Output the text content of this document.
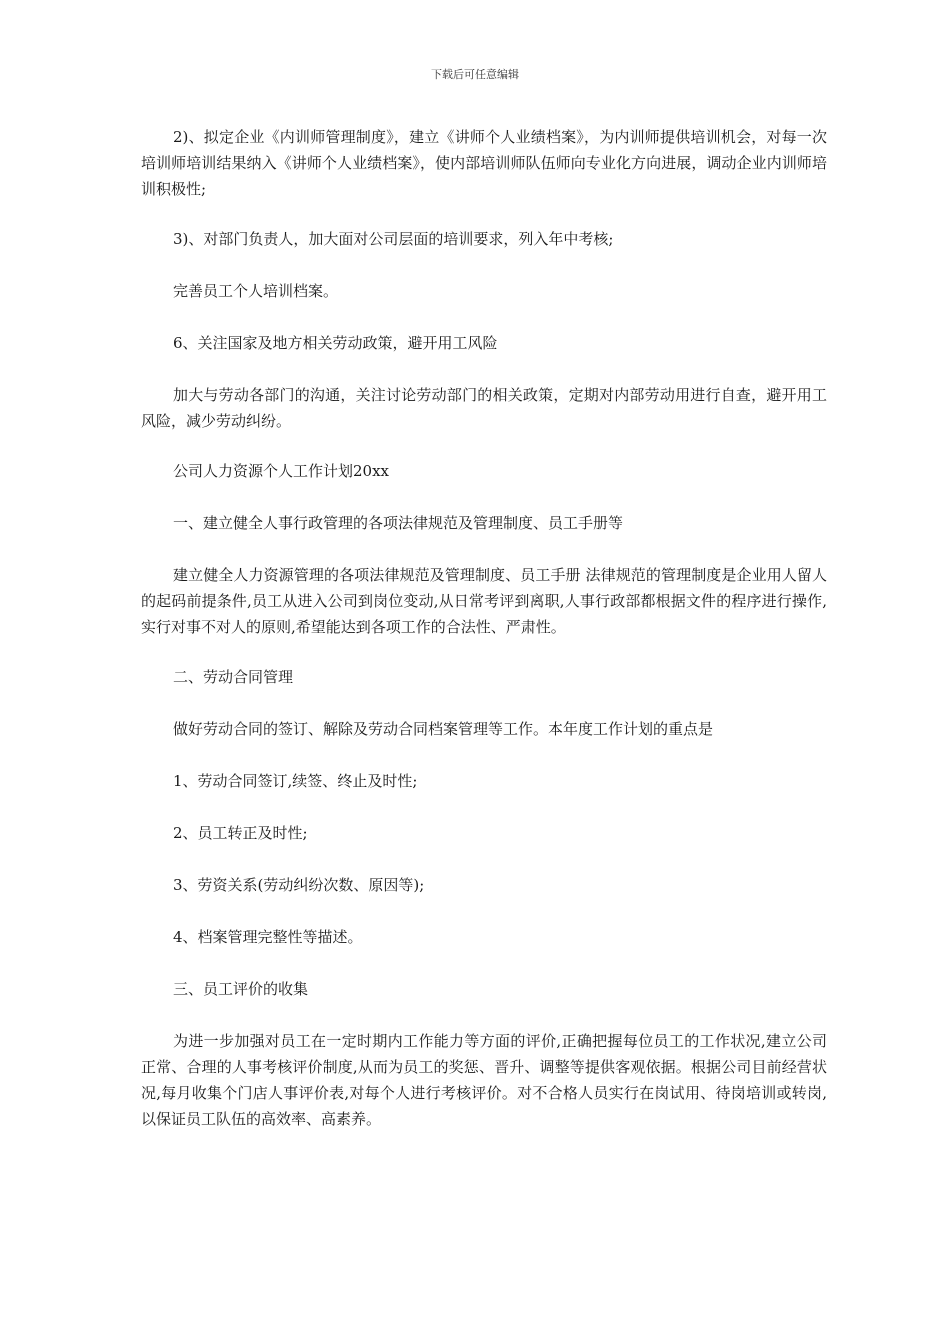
下载后可任意编辑

2)、拟定企业《内训师管理制度》，建立《讲师个人业绩档案》，为内训师提供培训机会，对每一次培训师培训结果纳入《讲师个人业绩档案》，使内部培训师队伍师向专业化方向进展，调动企业内训师培训积极性;

3)、对部门负责人，加大面对公司层面的培训要求，列入年中考核;

完善员工个人培训档案。

6、关注国家及地方相关劳动政策，避开用工风险

加大与劳动各部门的沟通，关注讨论劳动部门的相关政策，定期对内部劳动用进行自查，避开用工风险，减少劳动纠纷。

公司人力资源个人工作计划20xx

一、建立健全人事行政管理的各项法律规范及管理制度、员工手册等

建立健全人力资源管理的各项法律规范及管理制度、员工手册 法律规范的管理制度是企业用人留人的起码前提条件,员工从进入公司到岗位变动,从日常考评到离职,人事行政部都根据文件的程序进行操作,实行对事不对人的原则,希望能达到各项工作的合法性、严肃性。

二、劳动合同管理

做好劳动合同的签订、解除及劳动合同档案管理等工作。本年度工作计划的重点是

1、劳动合同签订,续签、终止及时性;

2、员工转正及时性;

3、劳资关系(劳动纠纷次数、原因等);

4、档案管理完整性等描述。

三、员工评价的收集

为进一步加强对员工在一定时期内工作能力等方面的评价,正确把握每位员工的工作状况,建立公司正常、合理的人事考核评价制度,从而为员工的奖惩、晋升、调整等提供客观依据。根据公司目前经营状况,每月收集个门店人事评价表,对每个人进行考核评价。对不合格人员实行在岗试用、待岗培训或转岗,以保证员工队伍的高效率、高素养。
